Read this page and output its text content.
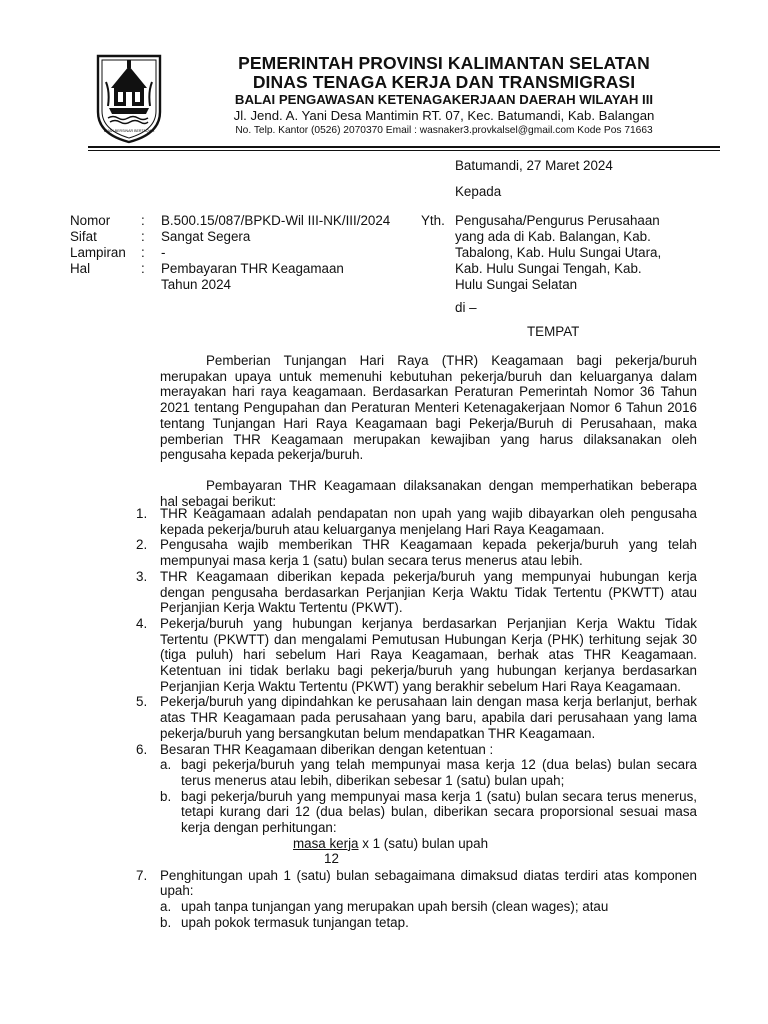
BIJAK BERSINAR BERTAQWA
PEMERINTAH PROVINSI KALIMANTAN SELATAN
DINAS TENAGA KERJA DAN TRANSMIGRASI
BALAI PENGAWASAN KETENAGAKERJAAN DAERAH WILAYAH III
Jl. Jend. A. Yani Desa Mantimin RT. 07, Kec. Batumandi, Kab. Balangan
No. Telp. Kantor (0526) 2070370 Email : wasnaker3.provkalsel@gmail.com Kode Pos 71663
Batumandi, 27 Maret 2024
Kepada
Nomor
Sifat
Lampiran
Hal
:
:
:
:
B.500.15/087/BPKD-Wil III-NK/III/2024
Sangat Segera
-
Pembayaran THR Keagamaan
Tahun 2024
Yth. Pengusaha/Pengurus Perusahaan
yang ada di Kab. Balangan, Kab.
Tabalong, Kab. Hulu Sungai Utara,
Kab. Hulu Sungai Tengah, Kab.
Hulu Sungai Selatan
di –
TEMPAT

Pemberian Tunjangan Hari Raya (THR) Keagamaan bagi pekerja/buruh merupakan upaya untuk memenuhi kebutuhan pekerja/buruh dan keluarganya dalam merayakan hari raya keagamaan. Berdasarkan Peraturan Pemerintah Nomor 36 Tahun 2021 tentang Pengupahan dan Peraturan Menteri Ketenagakerjaan Nomor 6 Tahun 2016 tentang Tunjangan Hari Raya Keagamaan bagi Pekerja/Buruh di Perusahaan, maka pemberian THR Keagamaan merupakan kewajiban yang harus dilaksanakan oleh pengusaha kepada pekerja/buruh.

Pembayaran THR Keagamaan dilaksanakan dengan memperhatikan beberapa hal sebagai berikut:

1. THR Keagamaan adalah pendapatan non upah yang wajib dibayarkan oleh pengusaha kepada pekerja/buruh atau keluarganya menjelang Hari Raya Keagamaan.
2. Pengusaha wajib memberikan THR Keagamaan kepada pekerja/buruh yang telah mempunyai masa kerja 1 (satu) bulan secara terus menerus atau lebih.
3. THR Keagamaan diberikan kepada pekerja/buruh yang mempunyai hubungan kerja dengan pengusaha berdasarkan Perjanjian Kerja Waktu Tidak Tertentu (PKWTT) atau Perjanjian Kerja Waktu Tertentu (PKWT).
4. Pekerja/buruh yang hubungan kerjanya berdasarkan Perjanjian Kerja Waktu Tidak Tertentu (PKWTT) dan mengalami Pemutusan Hubungan Kerja (PHK) terhitung sejak 30 (tiga puluh) hari sebelum Hari Raya Keagamaan, berhak atas THR Keagamaan. Ketentuan ini tidak berlaku bagi pekerja/buruh yang hubungan kerjanya berdasarkan Perjanjian Kerja Waktu Tertentu (PKWT) yang berakhir sebelum Hari Raya Keagamaan.
5. Pekerja/buruh yang dipindahkan ke perusahaan lain dengan masa kerja berlanjut, berhak atas THR Keagamaan pada perusahaan yang baru, apabila dari perusahaan yang lama pekerja/buruh yang bersangkutan belum mendapatkan THR Keagamaan.
6. Besaran THR Keagamaan diberikan dengan ketentuan :
a. bagi pekerja/buruh yang telah mempunyai masa kerja 12 (dua belas) bulan secara terus menerus atau lebih, diberikan sebesar 1 (satu) bulan upah;
b. bagi pekerja/buruh yang mempunyai masa kerja 1 (satu) bulan secara terus menerus, tetapi kurang dari 12 (dua belas) bulan, diberikan secara proporsional sesuai masa kerja dengan perhitungan:
masa kerja x 1 (satu) bulan upah
12
7. Penghitungan upah 1 (satu) bulan sebagaimana dimaksud diatas terdiri atas komponen upah:
a. upah tanpa tunjangan yang merupakan upah bersih (clean wages); atau
b. upah pokok termasuk tunjangan tetap.
